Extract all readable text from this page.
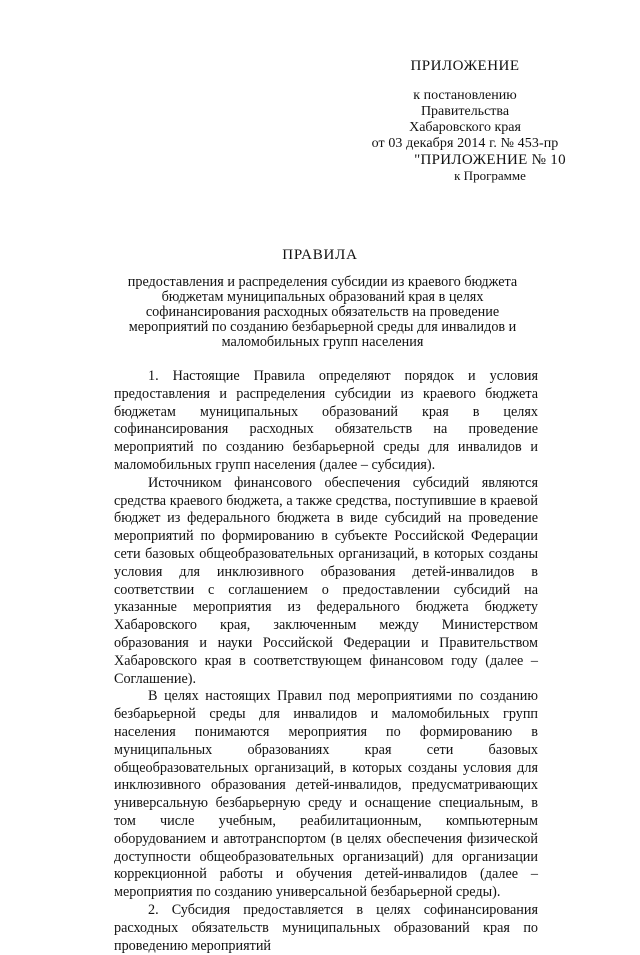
ПРИЛОЖЕНИЕ
к постановлению
Правительства
Хабаровского края
от 03 декабря 2014 г. № 453-пр
"ПРИЛОЖЕНИЕ № 10
к Программе
ПРАВИЛА
предоставления и распределения субсидии из краевого бюджета бюджетам муниципальных образований края в целях софинансирования расходных обязательств на проведение мероприятий по созданию безбарьерной среды для инвалидов и маломобильных групп населения

1. Настоящие Правила определяют порядок и условия предоставления и распределения субсидии из краевого бюджета бюджетам муниципальных образований края в целях софинансирования расходных обязательств на проведение мероприятий по созданию безбарьерной среды для инвалидов и маломобильных групп населения (далее – субсидия).

Источником финансового обеспечения субсидий являются средства краевого бюджета, а также средства, поступившие в краевой бюджет из федерального бюджета в виде субсидий на проведение мероприятий по формированию в субъекте Российской Федерации сети базовых общеобразовательных организаций, в которых созданы условия для инклюзивного образования детей-инвалидов в соответствии с соглашением о предоставлении субсидий на указанные мероприятия из федерального бюджета бюджету Хабаровского края, заключенным между Министерством образования и науки Российской Федерации и Правительством Хабаровского края в соответствующем финансовом году (далее – Соглашение).

В целях настоящих Правил под мероприятиями по созданию безбарьерной среды для инвалидов и маломобильных групп населения понимаются мероприятия по формированию в муниципальных образованиях края сети базовых общеобразовательных организаций, в которых созданы условия для инклюзивного образования детей-инвалидов, предусматривающих универсальную безбарьерную среду и оснащение специальным, в том числе учебным, реабилитационным, компьютерным оборудованием и автотранспортом (в целях обеспечения физической доступности общеобразовательных организаций) для организации коррекционной работы и обучения детей-инвалидов (далее – мероприятия по созданию универсальной безбарьерной среды).

2. Субсидия предоставляется в целях софинансирования расходных обязательств муниципальных образований края по проведению мероприятий
